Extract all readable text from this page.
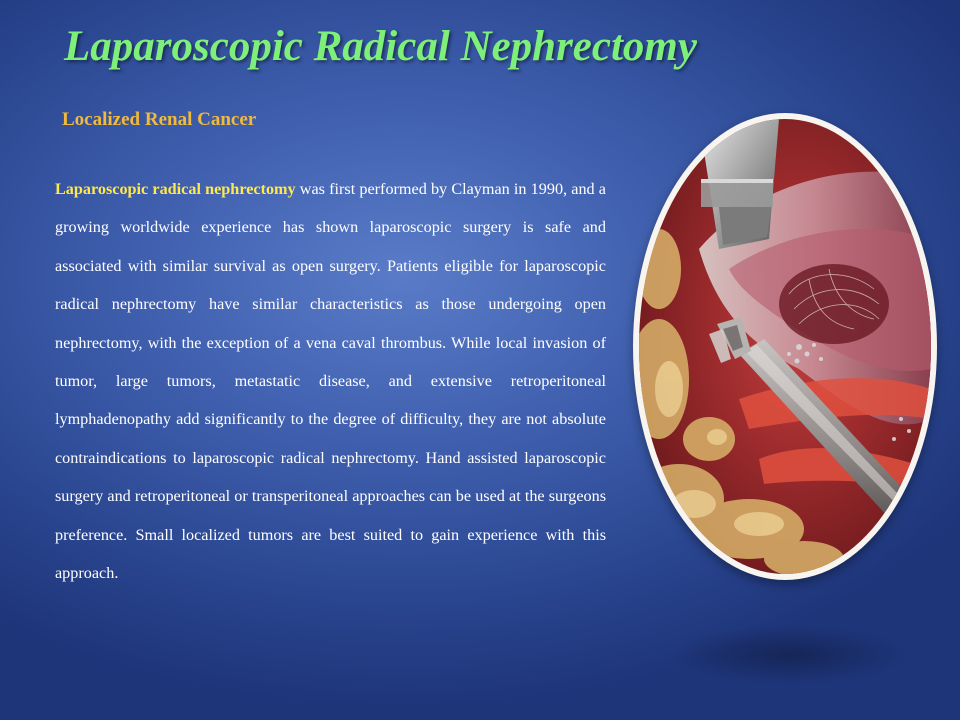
Laparoscopic Radical Nephrectomy
Localized Renal Cancer

Laparoscopic radical nephrectomy was first performed by Clayman in 1990, and a growing worldwide experience has shown laparoscopic surgery is safe and associated with similar survival as open surgery. Patients eligible for laparoscopic radical nephrectomy have similar characteristics as those undergoing open nephrectomy, with the exception of a vena caval thrombus. While local invasion of tumor, large tumors, metastatic disease, and extensive retroperitoneal lymphadenopathy add significantly to the degree of difficulty, they are not absolute contraindications to laparoscopic radical nephrectomy. Hand assisted laparoscopic surgery and retroperitoneal or transperitoneal approaches can be used at the surgeons preference. Small localized tumors are best suited to gain experience with this approach.
